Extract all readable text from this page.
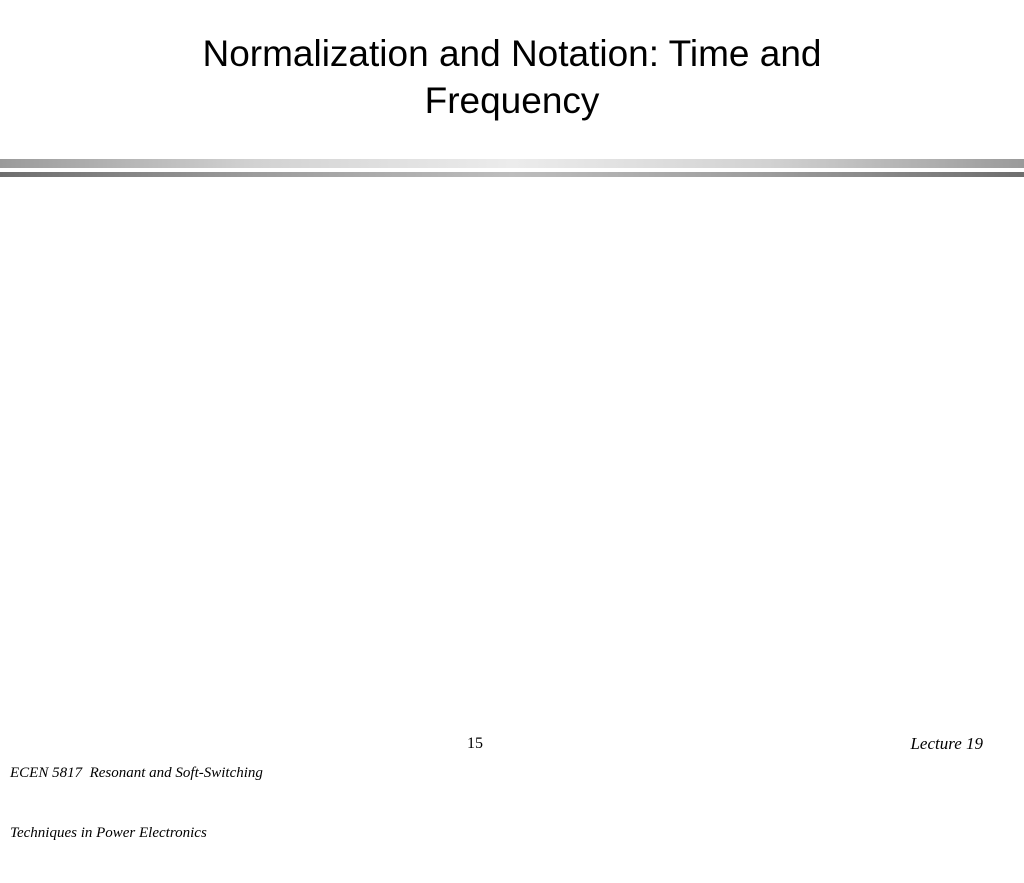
Normalization and Notation: Time and
Frequency

ECEN 5817  Resonant and Soft-Switching

Techniques in Power Electronics

15	Lecture 19
